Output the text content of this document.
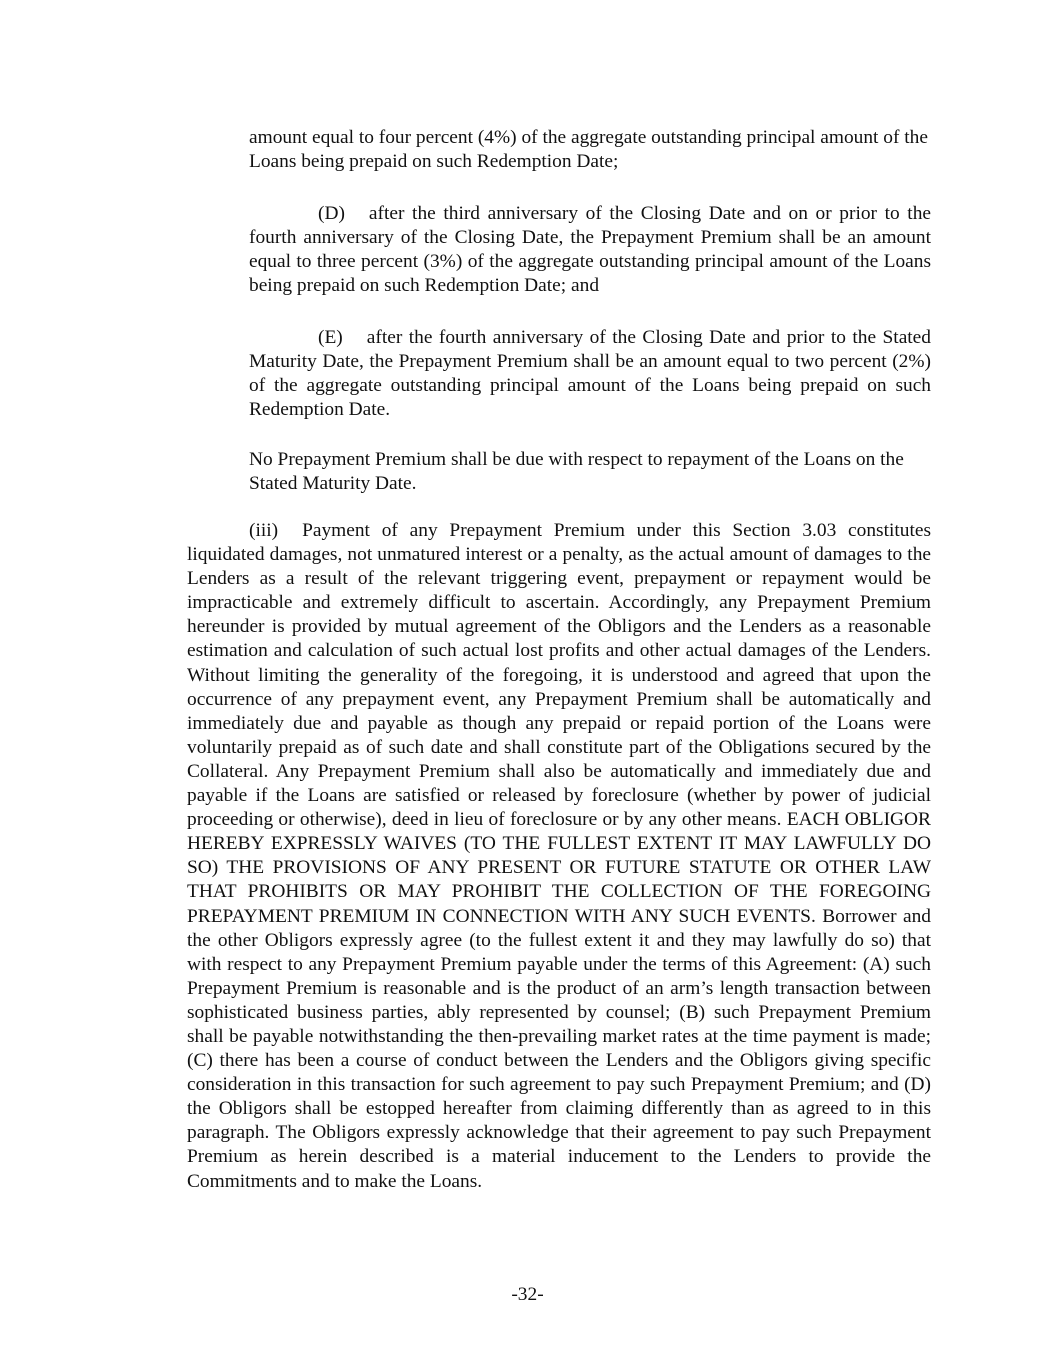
amount equal to four percent (4%) of the aggregate outstanding principal amount of the Loans being prepaid on such Redemption Date;

(D) after the third anniversary of the Closing Date and on or prior to the fourth anniversary of the Closing Date, the Prepayment Premium shall be an amount equal to three percent (3%) of the aggregate outstanding principal amount of the Loans being prepaid on such Redemption Date; and

(E) after the fourth anniversary of the Closing Date and prior to the Stated Maturity Date, the Prepayment Premium shall be an amount equal to two percent (2%) of the aggregate outstanding principal amount of the Loans being prepaid on such Redemption Date.

No Prepayment Premium shall be due with respect to repayment of the Loans on the Stated Maturity Date.

(iii) Payment of any Prepayment Premium under this Section 3.03 constitutes liquidated damages, not unmatured interest or a penalty, as the actual amount of damages to the Lenders as a result of the relevant triggering event, prepayment or repayment would be impracticable and extremely difficult to ascertain. Accordingly, any Prepayment Premium hereunder is provided by mutual agreement of the Obligors and the Lenders as a reasonable estimation and calculation of such actual lost profits and other actual damages of the Lenders. Without limiting the generality of the foregoing, it is understood and agreed that upon the occurrence of any prepayment event, any Prepayment Premium shall be automatically and immediately due and payable as though any prepaid or repaid portion of the Loans were voluntarily prepaid as of such date and shall constitute part of the Obligations secured by the Collateral. Any Prepayment Premium shall also be automatically and immediately due and payable if the Loans are satisfied or released by foreclosure (whether by power of judicial proceeding or otherwise), deed in lieu of foreclosure or by any other means. EACH OBLIGOR HEREBY EXPRESSLY WAIVES (TO THE FULLEST EXTENT IT MAY LAWFULLY DO SO) THE PROVISIONS OF ANY PRESENT OR FUTURE STATUTE OR OTHER LAW THAT PROHIBITS OR MAY PROHIBIT THE COLLECTION OF THE FOREGOING PREPAYMENT PREMIUM IN CONNECTION WITH ANY SUCH EVENTS. Borrower and the other Obligors expressly agree (to the fullest extent it and they may lawfully do so) that with respect to any Prepayment Premium payable under the terms of this Agreement: (A) such Prepayment Premium is reasonable and is the product of an arm’s length transaction between sophisticated business parties, ably represented by counsel; (B) such Prepayment Premium shall be payable notwithstanding the then-prevailing market rates at the time payment is made; (C) there has been a course of conduct between the Lenders and the Obligors giving specific consideration in this transaction for such agreement to pay such Prepayment Premium; and (D) the Obligors shall be estopped hereafter from claiming differently than as agreed to in this paragraph. The Obligors expressly acknowledge that their agreement to pay such Prepayment Premium as herein described is a material inducement to the Lenders to provide the Commitments and to make the Loans.

-32-
